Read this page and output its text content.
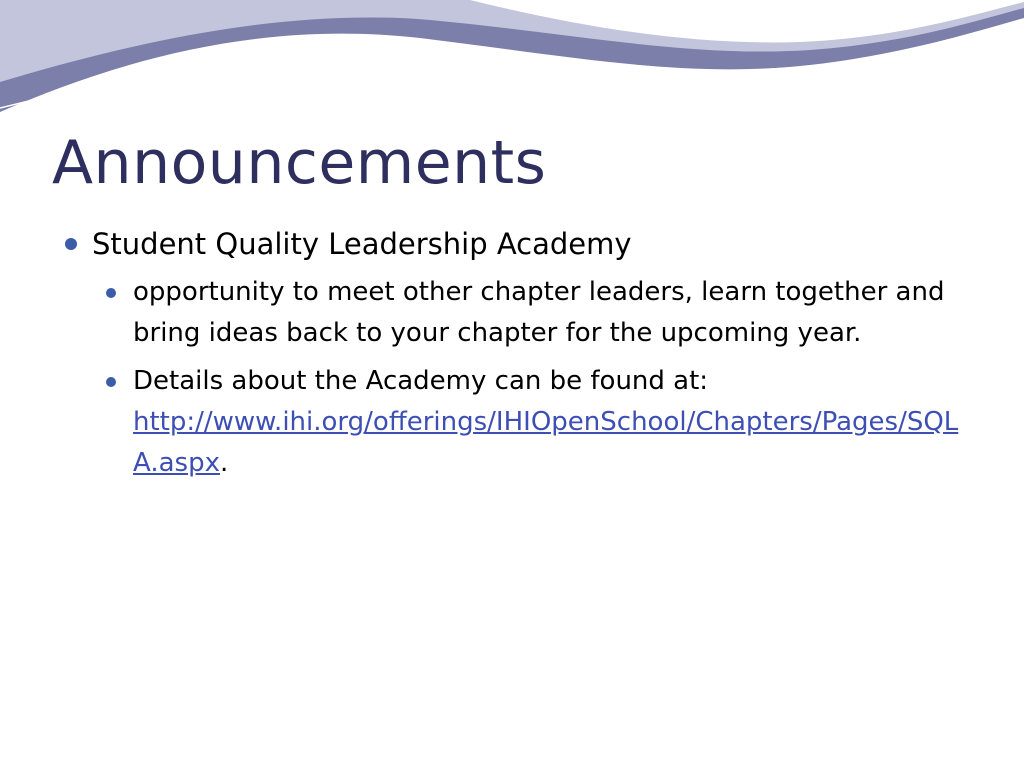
Announcements
Student Quality Leadership Academy
opportunity to meet other chapter leaders, learn together and bring ideas back to your chapter for the upcoming year.
Details about the Academy can be found at:
http://www.ihi.org/offerings/IHIOpenSchool/Chapters/Pages/SQLA.aspx.
